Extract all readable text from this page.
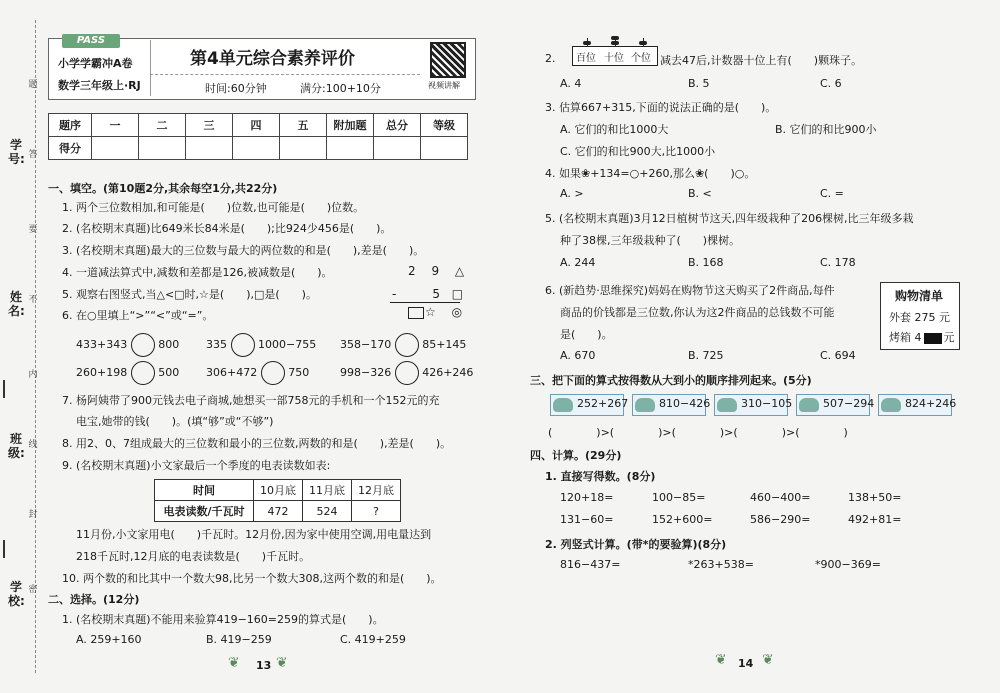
学号:
姓名:
班级:
学校:
题
答
要
不
内
线
封
密
PASS
小学学霸冲A卷
数学三年级上·RJ
第4单元综合素养评价
时间:60分钟	满分:100+10分	视频讲解
题序	一	二	三	四	五	附加题	总分	等级
得分								
一、填空。(第10题2分,其余每空1分,共22分)
1. 两个三位数相加,和可能是(　　)位数,也可能是(　　)位数。
2. (名校期末真题)比649米长84米是(　　);比924少456是(　　)。
3. (名校期末真题)最大的三位数与最大的两位数的和是(　　),差是(　　)。
4. 一道减法算式中,减数和差都是126,被减数是(　　)。
5. 观察右图竖式,当△<□时,☆是(　　),□是(　　)。
6. 在○里填上“>”“<”或“=”。
2 9 △
-　　5 □
☆ ◎
433+343	800 335	1000−755 358−170	85+145
260+198	500 306+472	750	998−326	426+246
7. 杨阿姨带了900元钱去电子商城,她想买一部758元的手机和一个152元的充
电宝,她带的钱(　　)。(填“够”或“不够”)
8. 用2、0、7组成最大的三位数和最小的三位数,两数的和是(　　),差是(　　)。
9. (名校期末真题)小文家最后一个季度的电表读数如表:
时间	10月底	11月底	12月底
电表读数/千瓦时	472	524	?
11月份,小文家用电(　　)千瓦时。12月份,因为家中使用空调,用电量达到
218千瓦时,12月底的电表读数是(　　)千瓦时。
10. 两个数的和比其中一个数大98,比另一个数大308,这两个数的和是(　　)。
二、选择。(12分)
1. (名校期末真题)不能用来验算419−160=259的算式是(　　)。
A. 259+160	B. 419−259	C. 419+259
❦ 13 ❦
2. 百位 十位 个位 减去47后,计数器十位上有(　　)颗珠子。
A. 4	B. 5	C. 6
3. 估算667+315,下面的说法正确的是(　　)。
A. 它们的和比1000大	B. 它们的和比900小
C. 它们的和比900大,比1000小
4. 如果❀+134=○+260,那么❀(　　)○。
A. >	B. <	C. =
5. (名校期末真题)3月12日植树节这天,四年级栽种了206棵树,比三年级多栽
种了38棵,三年级栽种了(　　)棵树。
A. 244	B. 168	C. 178
6. (新趋势·思维探究)妈妈在购物节这天购买了2件商品,每件
商品的价钱都是三位数,你认为这2件商品的总钱数不可能
是(　　)。
A. 670	B. 725	C. 694
购物清单
外套 275 元
烤箱 4 元
三、把下面的算式按得数从大到小的顺序排列起来。(5分)
252+267	810−426	310−105	507−294	824+246
(　　　　)>(　　　　)>(　　　　)>(　　　　)>(　　　　)
四、计算。(29分)
1. 直接写得数。(8分)
120+18=	100−85=	460−400=	138+50=
131−60=	152+600=	586−290=	492+81=
2. 列竖式计算。(带*的要验算)(8分)
816−437=	*263+538=	*900−369=
❦ 14 ❦
